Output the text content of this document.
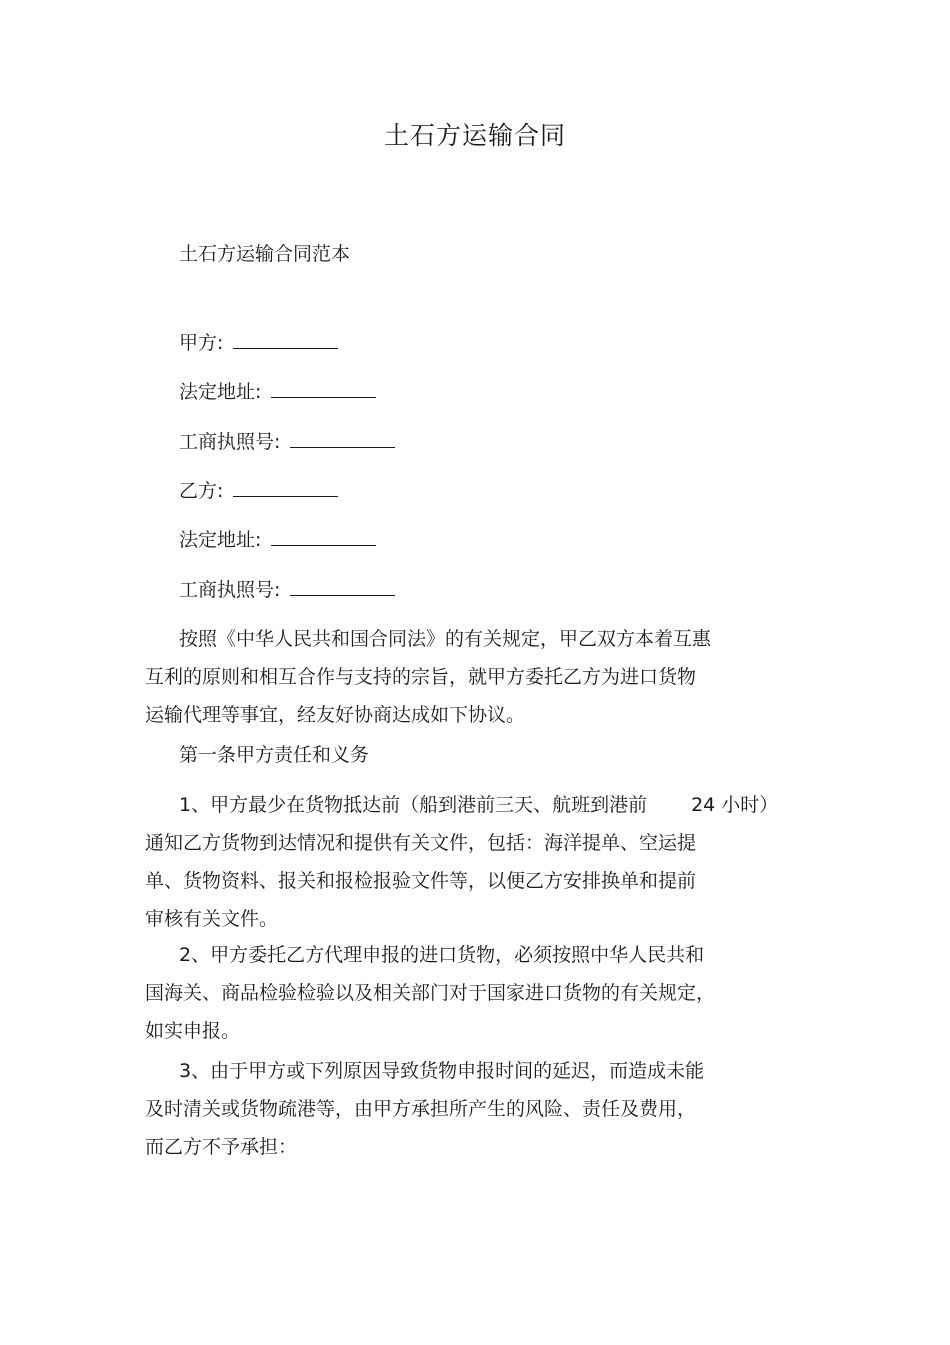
土石方运输合同
土石方运输合同范本
甲方:
法定地址:
工商执照号:
乙方:
法定地址:
工商执照号:
按照《中华人民共和国合同法》的有关规定，甲乙双方本着互惠
互利的原则和相互合作与支持的宗旨，就甲方委托乙方为进口货物
运输代理等事宜，经友好协商达成如下协议。
第一条甲方责任和义务
1、甲方最少在货物抵达前（船到港前三天、航班到港前 24 小时）
通知乙方货物到达情况和提供有关文件，包括：海洋提单、空运提
单、货物资料、报关和报检报验文件等，以便乙方安排换单和提前
审核有关文件。
2、甲方委托乙方代理申报的进口货物，必须按照中华人民共和
国海关、商品检验检验以及相关部门对于国家进口货物的有关规定，
如实申报。
3、由于甲方或下列原因导致货物申报时间的延迟，而造成未能
及时清关或货物疏港等，由甲方承担所产生的风险、责任及费用，
而乙方不予承担：
